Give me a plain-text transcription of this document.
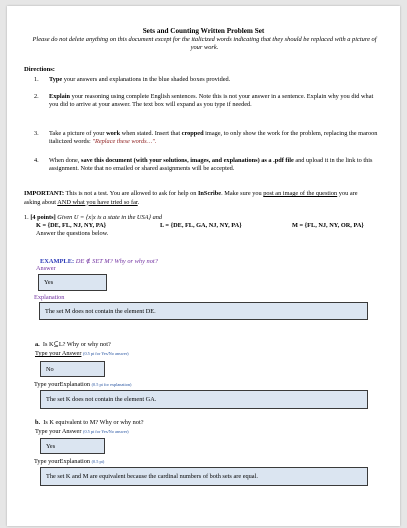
Sets and Counting Written Problem Set
Please do not delete anything on this document except for the italicized words indicating that they should be replaced with a picture of your work.
Directions:
1. Type your answers and explanations in the blue shaded boxes provided.
2. Explain your reasoning using complete English sentences. Note this is not your answer in a sentence. Explain why you did what you did to arrive at your answer. The text box will expand as you type if needed.
3. Take a picture of your work when stated. Insert that cropped image, to only show the work for the problem, replacing the maroon italicized words: "Replace these words…".
4. When done, save this document (with your solutions, images, and explanations) as a .pdf file and upload it in the link to this assignment. Note that no emailed or shared assignments will be accepted.
IMPORTANT: This is not a test. You are allowed to ask for help on InScribe. Make sure you post an image of the question you are asking about AND what you have tried so far.
1. [4 points] Given U = {x|x is a state in the USA} and
K = {DE, FL, NJ, NY, PA}	L = {DE, FL, GA, NJ, NY, PA}	M = {FL, NJ, NY, OR, PA}
Answer the questions below.
EXAMPLE: DE ∉ SET M? Why or why not?
Answer
Yes
Explanation
The set M does not contain the element DE.
a. Is K⊆L? Why or why not?
Type your Answer (0.5 pt for Yes/No answer)
No
Type yourExplanation (0.5 pt for explanation)
The set K does not contain the element GA.
b. Is K equivalent to M? Why or why not?
Type your Answer (0.5 pt for Yes/No answer)
Yes
Type yourExplanation (0.5 pt)
The set K and M are equivalent because the cardinal numbers of both sets are equal.
